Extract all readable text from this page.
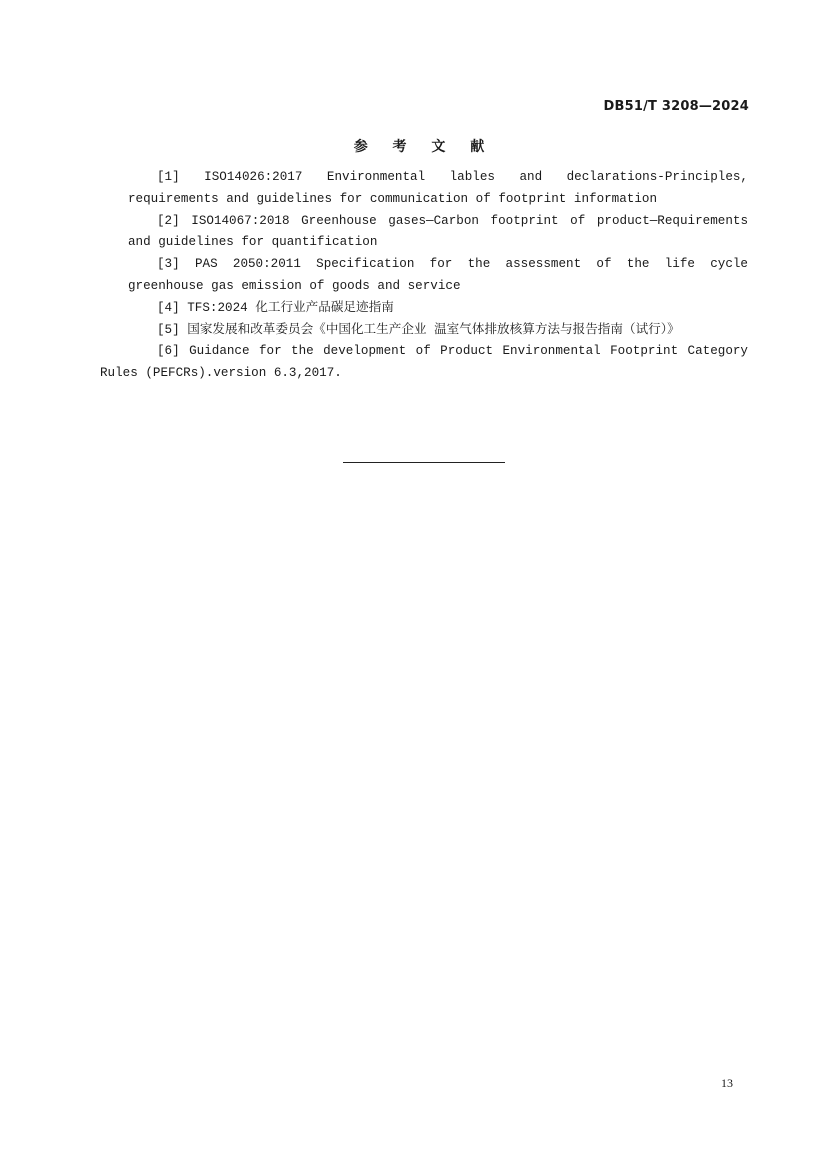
DB51/T 3208—2024
参 考 文 献

[1] ISO14026:2017 Environmental lables and declarations-Principles, requirements and guidelines for communication of footprint information

[2] ISO14067:2018 Greenhouse gases—Carbon footprint of product—Requirements and guidelines for quantification

[3] PAS 2050:2011 Specification for the assessment of the life cycle greenhouse gas emission of goods and service

[4] TFS:2024 化工行业产品碳足迹指南

[5] 国家发展和改革委员会《中国化工生产企业 温室气体排放核算方法与报告指南（试行）》

[6] Guidance for the development of Product Environmental Footprint Category Rules (PEFCRs).version 6.3,2017.

13
